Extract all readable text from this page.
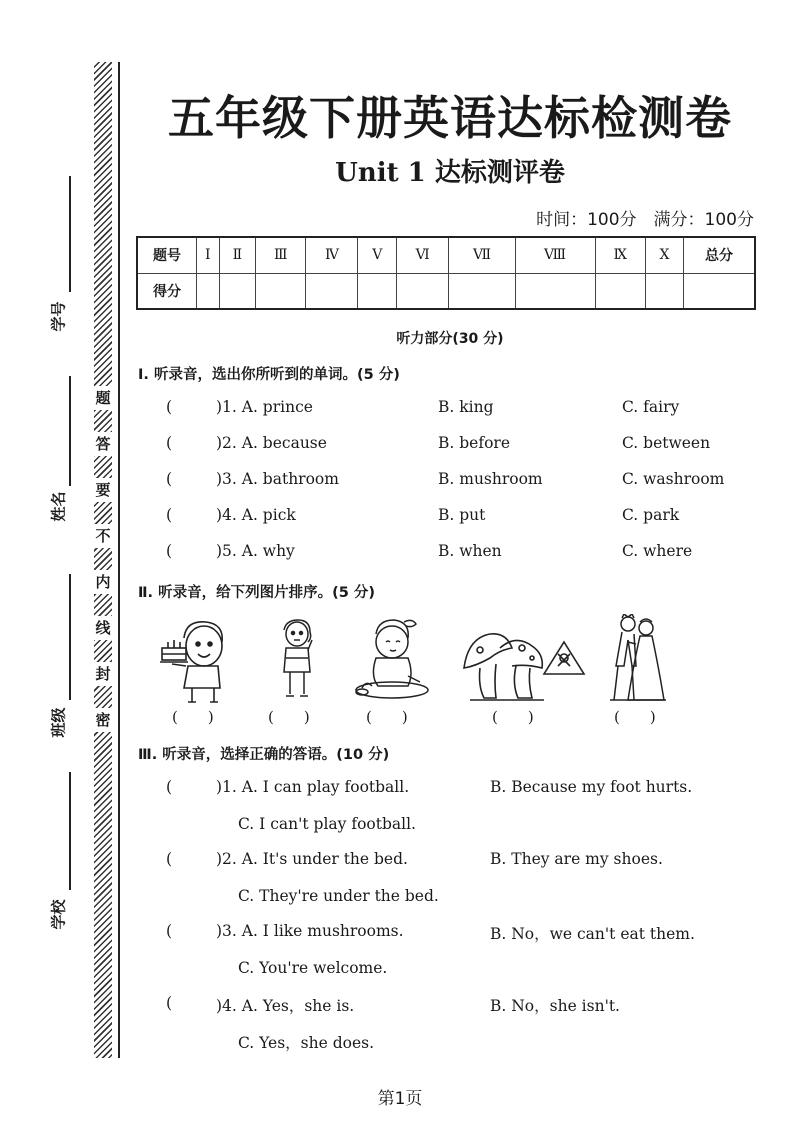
题
答
要
不
内
线
封
密
学号
姓名
班级
学校
五年级下册英语达标检测卷
Unit 1 达标测评卷
时间：100分　满分：100分
题号	Ⅰ	Ⅱ	Ⅲ	Ⅳ	Ⅴ	Ⅵ	Ⅶ	Ⅷ	Ⅸ	Ⅹ	总分
得分											
听力部分(30 分)
Ⅰ. 听录音，选出你所听到的单词。(5 分)
(	)1. A. prince	B. king	C. fairy
(	)2. A. because	B. before	C. between
(	)3. A. bathroom	B. mushroom	C. washroom
(	)4. A. pick	B. put	C. park
(	)5. A. why	B. when	C. where
Ⅱ. 听录音，给下列图片排序。(5 分)
(　　)	(　　)	(　　)	(　　)	(　　)
Ⅲ. 听录音，选择正确的答语。(10 分)
(	)1. A. I can play football.	B. Because my foot hurts.
C. I can't play football.
(	)2. A. It's under the bed.	B. They are my shoes.
C. They're under the bed.
(	)3. A. I like mushrooms.	B. No，we can't eat them.
C. You're welcome.
(	)4. A. Yes，she is.	B. No，she isn't.
C. Yes，she does.
第1页
